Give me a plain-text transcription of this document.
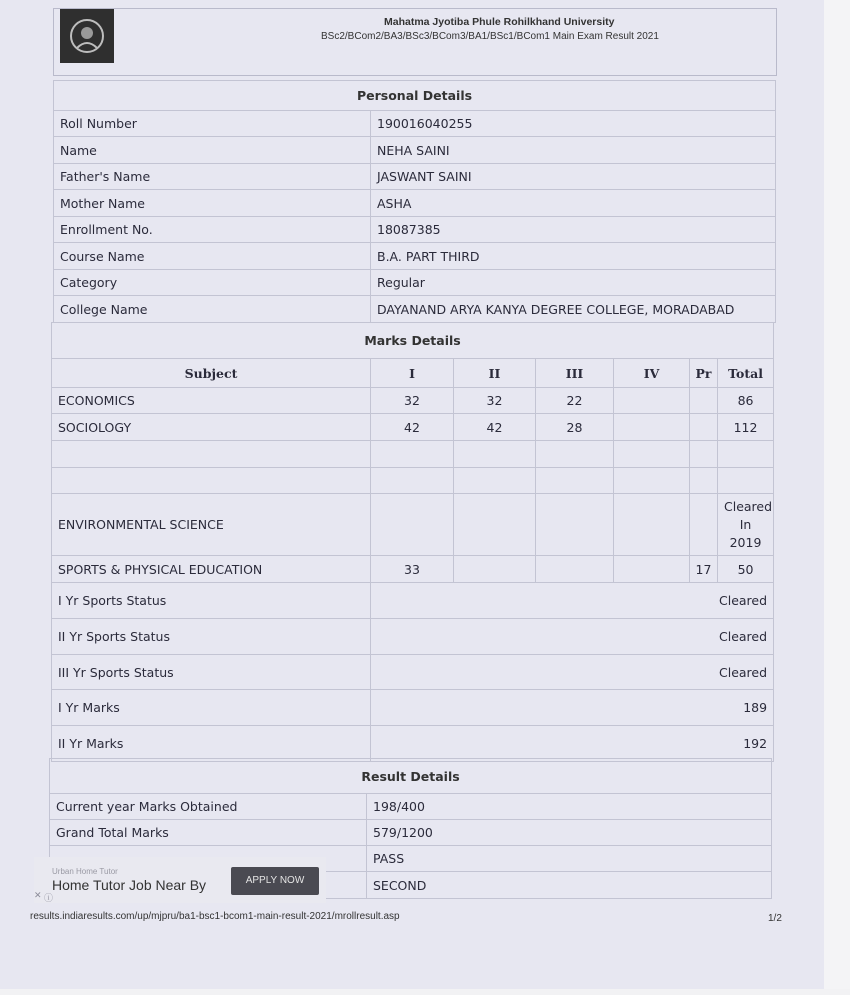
Mahatma Jyotiba Phule Rohilkhand University
BSc2/BCom2/BA3/BSc3/BCom3/BA1/BSc1/BCom1 Main Exam Result 2021
Personal Details	
Roll Number	190016040255
Name	NEHA SAINI
Father's Name	JASWANT SAINI
Mother Name	ASHA
Enrollment No.	18087385
Course Name	B.A. PART THIRD
Category	Regular
College Name	DAYANAND ARYA KANYA DEGREE COLLEGE, MORADABAD
Marks Details						
Subject	I	II	III	IV	Pr	Total
ECONOMICS	32	32	22			86
SOCIOLOGY	42	42	28			112

ENVIRONMENTAL SCIENCE						Cleared
In
2019

SPORTS & PHYSICAL EDUCATION	33				17	50
I Yr Sports Status	Cleared					
II Yr Sports Status	Cleared					
III Yr Sports Status	Cleared					
I Yr Marks	189					
II Yr Marks	192					
Result Details	
Current year Marks Obtained	198/400
Grand Total Marks	579/1200
	PASS
	SECOND
Urban Home Tutor
Home Tutor Job Near By	APPLY NOW
✕ ⓘ
results.indiaresults.com/up/mjpru/ba1-bsc1-bcom1-main-result-2021/mrollresult.asp	1/2
